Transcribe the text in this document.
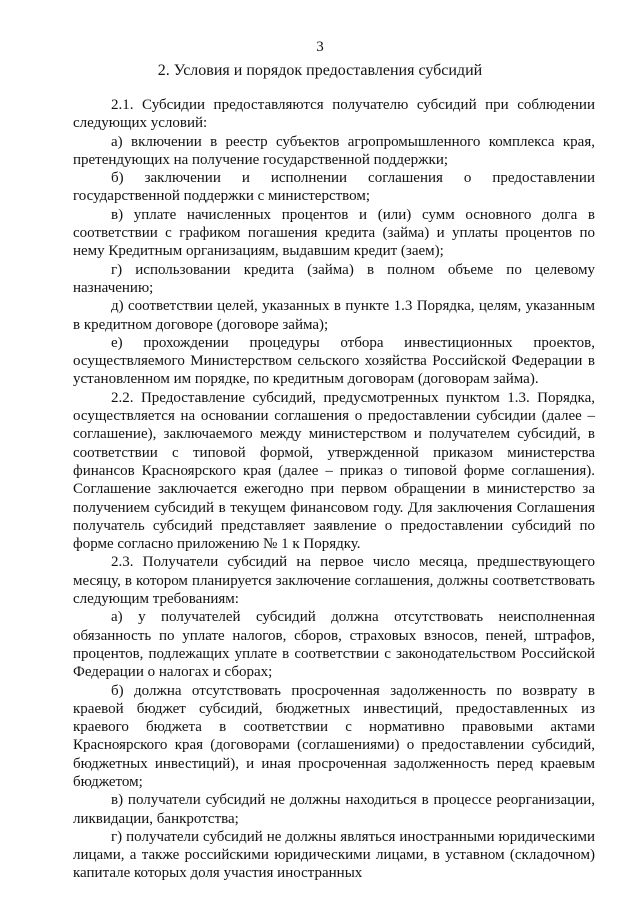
3
2. Условия и порядок предоставления субсидий

2.1. Субсидии предоставляются получателю субсидий при соблюдении следующих условий:

а) включении в реестр субъектов агропромышленного комплекса края, претендующих на получение государственной поддержки;

б) заключении и исполнении соглашения о предоставлении государственной поддержки с министерством;

в) уплате начисленных процентов и (или) сумм основного долга в соответствии с графиком погашения кредита (займа) и уплаты процентов по нему Кредитным организациям, выдавшим кредит (заем);

г) использовании кредита (займа) в полном объеме по целевому назначению;

д) соответствии целей, указанных в пункте 1.3 Порядка, целям, указанным в кредитном договоре (договоре займа);

е) прохождении процедуры отбора инвестиционных проектов, осуществляемого Министерством сельского хозяйства Российской Федерации в установленном им порядке, по кредитным договорам (договорам займа).

2.2. Предоставление субсидий, предусмотренных пунктом 1.3. Порядка, осуществляется на основании соглашения о предоставлении субсидии (далее – соглашение), заключаемого между министерством и получателем субсидий, в соответствии с типовой формой, утвержденной приказом министерства финансов Красноярского края (далее – приказ о типовой форме соглашения). Соглашение заключается ежегодно при первом обращении в министерство за получением субсидий в текущем финансовом году. Для заключения Соглашения получатель субсидий представляет заявление о предоставлении субсидий по форме согласно приложению № 1 к Порядку.

2.3. Получатели субсидий на первое число месяца, предшествующего месяцу, в котором планируется заключение соглашения, должны соответствовать следующим требованиям:

а) у получателей субсидий должна отсутствовать неисполненная обязанность по уплате налогов, сборов, страховых взносов, пеней, штрафов, процентов, подлежащих уплате в соответствии с законодательством Российской Федерации о налогах и сборах;

б) должна отсутствовать просроченная задолженность по возврату в краевой бюджет субсидий, бюджетных инвестиций, предоставленных из краевого бюджета в соответствии с нормативно правовыми актами Красноярского края (договорами (соглашениями) о предоставлении субсидий, бюджетных инвестиций), и иная просроченная задолженность перед краевым бюджетом;

в) получатели субсидий не должны находиться в процессе реорганизации, ликвидации, банкротства;

г) получатели субсидий не должны являться иностранными юридическими лицами, а также российскими юридическими лицами, в уставном (складочном) капитале которых доля участия иностранных
